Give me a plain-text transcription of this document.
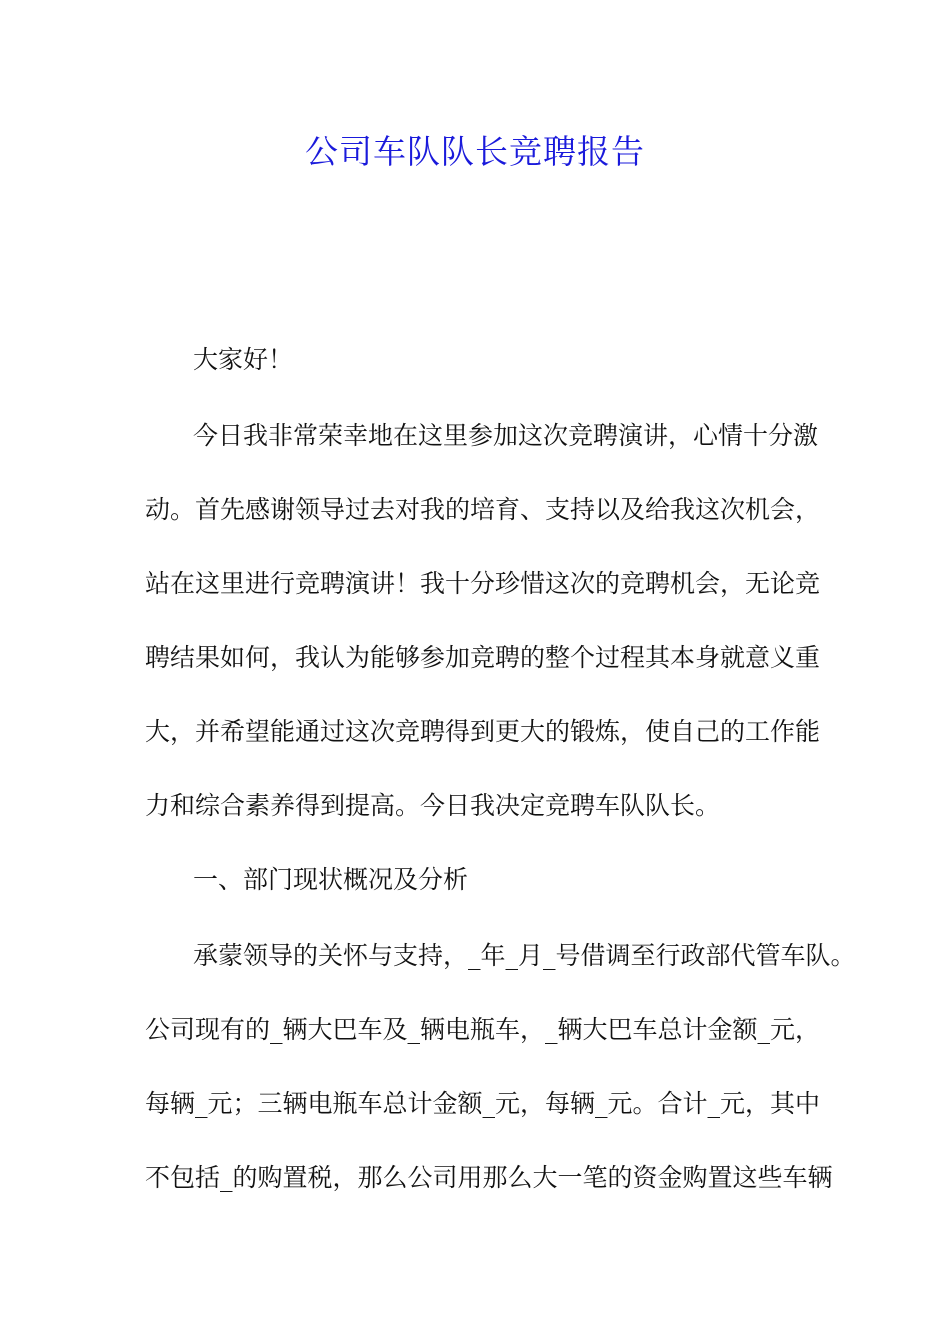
公司车队队长竞聘报告
大家好！
今日我非常荣幸地在这里参加这次竞聘演讲，心情十分激
动。首先感谢领导过去对我的培育、支持以及给我这次机会，
站在这里进行竞聘演讲！我十分珍惜这次的竞聘机会，无论竞
聘结果如何，我认为能够参加竞聘的整个过程其本身就意义重
大，并希望能通过这次竞聘得到更大的锻炼，使自己的工作能
力和综合素养得到提高。今日我决定竞聘车队队长。
一、部门现状概况及分析
承蒙领导的关怀与支持，_年_月_号借调至行政部代管车队。
公司现有的_辆大巴车及_辆电瓶车，_辆大巴车总计金额_元，
每辆_元；三辆电瓶车总计金额_元，每辆_元。合计_元，其中
不包括_的购置税，那么公司用那么大一笔的资金购置这些车辆
